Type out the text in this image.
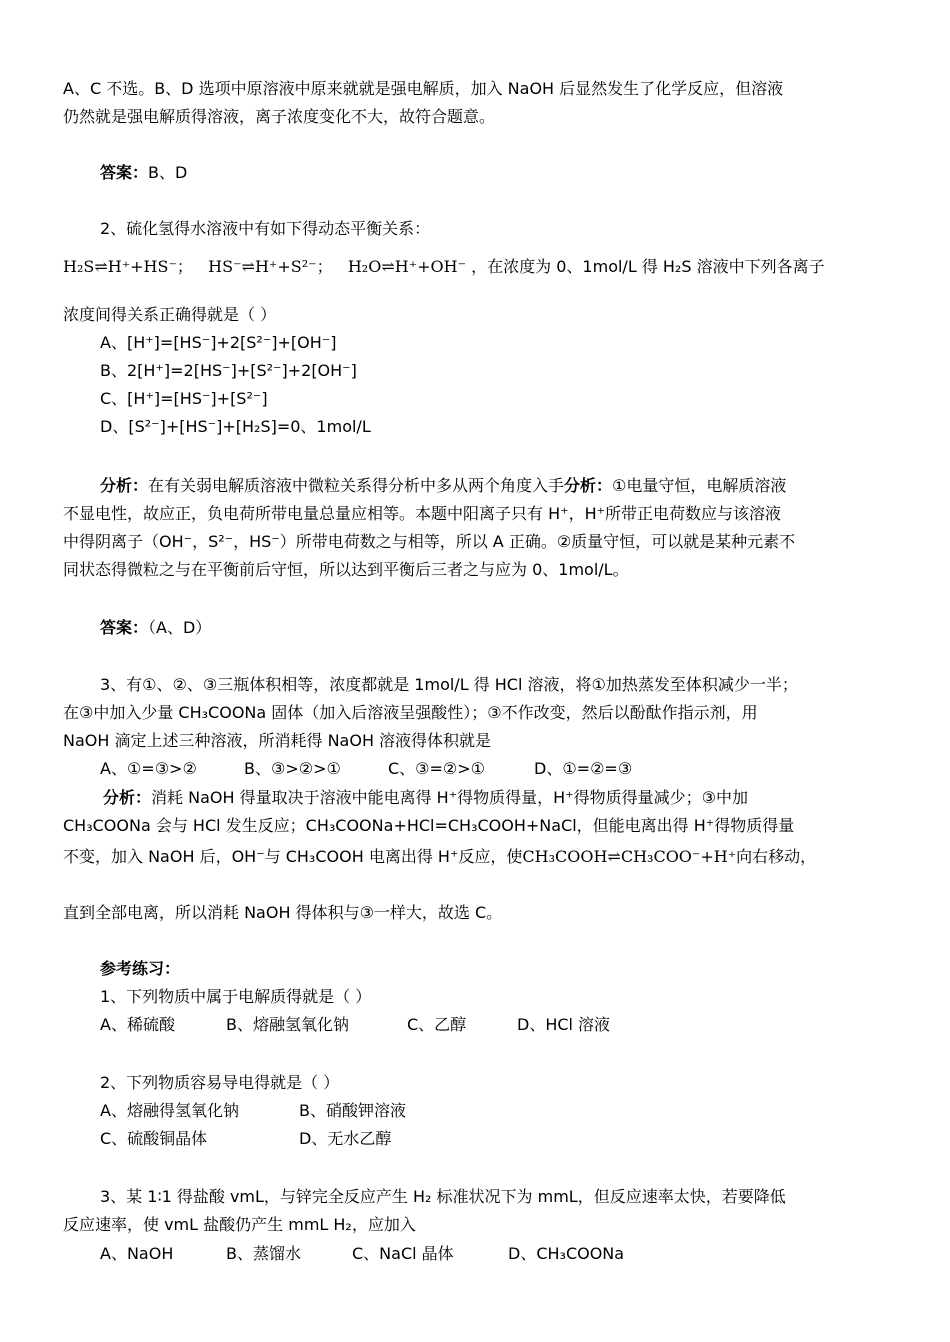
A、C 不选。B、D 选项中原溶液中原来就就是强电解质，加入 NaOH 后显然发生了化学反应，但溶液
仍然就是强电解质得溶液，离子浓度变化不大，故符合题意。
答案：B、D
2、硫化氢得水溶液中有如下得动态平衡关系：
H₂S⇌H⁺+HS⁻； HS⁻⇌H⁺+S²⁻； H₂O⇌H⁺+OH⁻ ，在浓度为 0、1mol/L 得 H₂S 溶液中下列各离子
浓度间得关系正确得就是（ ）
A、[H⁺]=[HS⁻]+2[S²⁻]+[OH⁻]
B、2[H⁺]=2[HS⁻]+[S²⁻]+2[OH⁻]
C、[H⁺]=[HS⁻]+[S²⁻]
D、[S²⁻]+[HS⁻]+[H₂S]=0、1mol/L
分析：在有关弱电解质溶液中微粒关系得分析中多从两个角度入手分析：①电量守恒，电解质溶液
不显电性，故应正，负电荷所带电量总量应相等。本题中阳离子只有 H⁺，H⁺所带正电荷数应与该溶液
中得阴离子（OH⁻，S²⁻，HS⁻）所带电荷数之与相等，所以 A 正确。②质量守恒，可以就是某种元素不
同状态得微粒之与在平衡前后守恒，所以达到平衡后三者之与应为 0、1mol/L。
答案：（A、D）
3、有①、②、③三瓶体积相等，浓度都就是 1mol/L 得 HCl 溶液，将①加热蒸发至体积减少一半；
在③中加入少量 CH₃COONa 固体（加入后溶液呈强酸性）；③不作改变，然后以酚酞作指示剂，用
NaOH 滴定上述三种溶液，所消耗得 NaOH 溶液得体积就是
A、①=③>②	B、③>②>①	C、③=②>①	D、①=②=③
分析：消耗 NaOH 得量取决于溶液中能电离得 H⁺得物质得量，H⁺得物质得量减少；③中加
CH₃COONa 会与 HCl 发生反应；CH₃COONa+HCl=CH₃COOH+NaCl，但能电离出得 H⁺得物质得量
不变，加入 NaOH 后，OH⁻与 CH₃COOH 电离出得 H⁺反应，使CH₃COOH⇌CH₃COO⁻+H⁺向右移动，
直到全部电离，所以消耗 NaOH 得体积与③一样大，故选 C。
参考练习：
1、下列物质中属于电解质得就是（ ）
A、稀硫酸	B、熔融氢氧化钠	C、乙醇	D、HCl 溶液
2、下列物质容易导电得就是（ ）
A、熔融得氢氧化钠	B、硝酸钾溶液
C、硫酸铜晶体	D、无水乙醇
3、某 1∶1 得盐酸 vmL，与锌完全反应产生 H₂ 标准状况下为 mmL，但反应速率太快，若要降低
反应速率，使 vmL 盐酸仍产生 mmL H₂，应加入
A、NaOH	B、蒸馏水	C、NaCl 晶体	D、CH₃COONa
